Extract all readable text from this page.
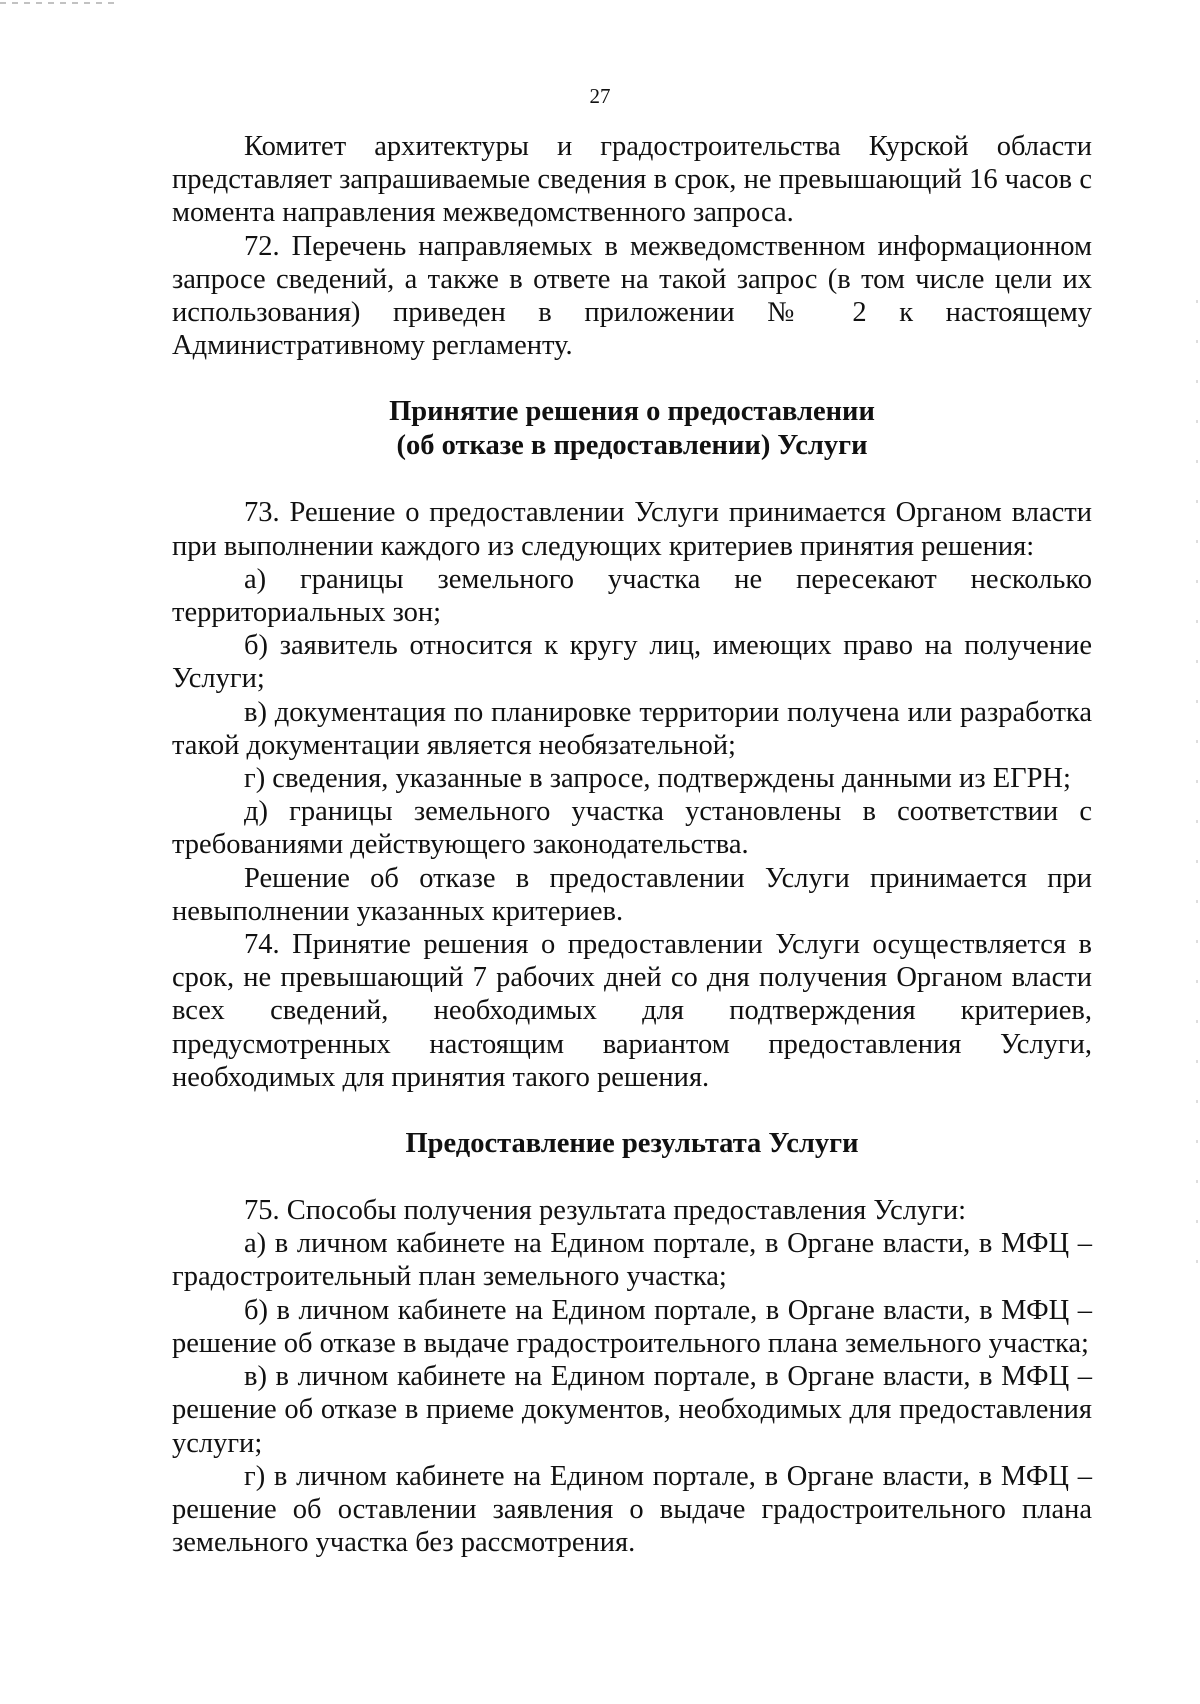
27

Комитет архитектуры и градостроительства Курской области представляет запрашиваемые сведения в срок, не превышающий 16 часов с момента направления межведомственного запроса.

72. Перечень направляемых в межведомственном информационном запросе сведений, а также в ответе на такой запрос (в том числе цели их использования) приведен в приложении № 2 к настоящему Административному регламенту.

Принятие решения о предоставлении

(об отказе в предоставлении) Услуги

73. Решение о предоставлении Услуги принимается Органом власти при выполнении каждого из следующих критериев принятия решения:

а) границы земельного участка не пересекают несколько территориальных зон;

б) заявитель относится к кругу лиц, имеющих право на получение Услуги;

в) документация по планировке территории получена или разработка такой документации является необязательной;

г) сведения, указанные в запросе, подтверждены данными из ЕГРН;

д) границы земельного участка установлены в соответствии с требованиями действующего законодательства.

Решение об отказе в предоставлении Услуги принимается при невыполнении указанных критериев.

74. Принятие решения о предоставлении Услуги осуществляется в срок, не превышающий 7 рабочих дней со дня получения Органом власти всех сведений, необходимых для подтверждения критериев, предусмотренных настоящим вариантом предоставления Услуги, необходимых для принятия такого решения.

Предоставление результата Услуги

75. Способы получения результата предоставления Услуги:

а) в личном кабинете на Едином портале, в Органе власти, в МФЦ – градостроительный план земельного участка;

б) в личном кабинете на Едином портале, в Органе власти, в МФЦ – решение об отказе в выдаче градостроительного плана земельного участка;

в) в личном кабинете на Едином портале, в Органе власти, в МФЦ – решение об отказе в приеме документов, необходимых для предоставления услуги;

г) в личном кабинете на Едином портале, в Органе власти, в МФЦ – решение об оставлении заявления о выдаче градостроительного плана земельного участка без рассмотрения.
